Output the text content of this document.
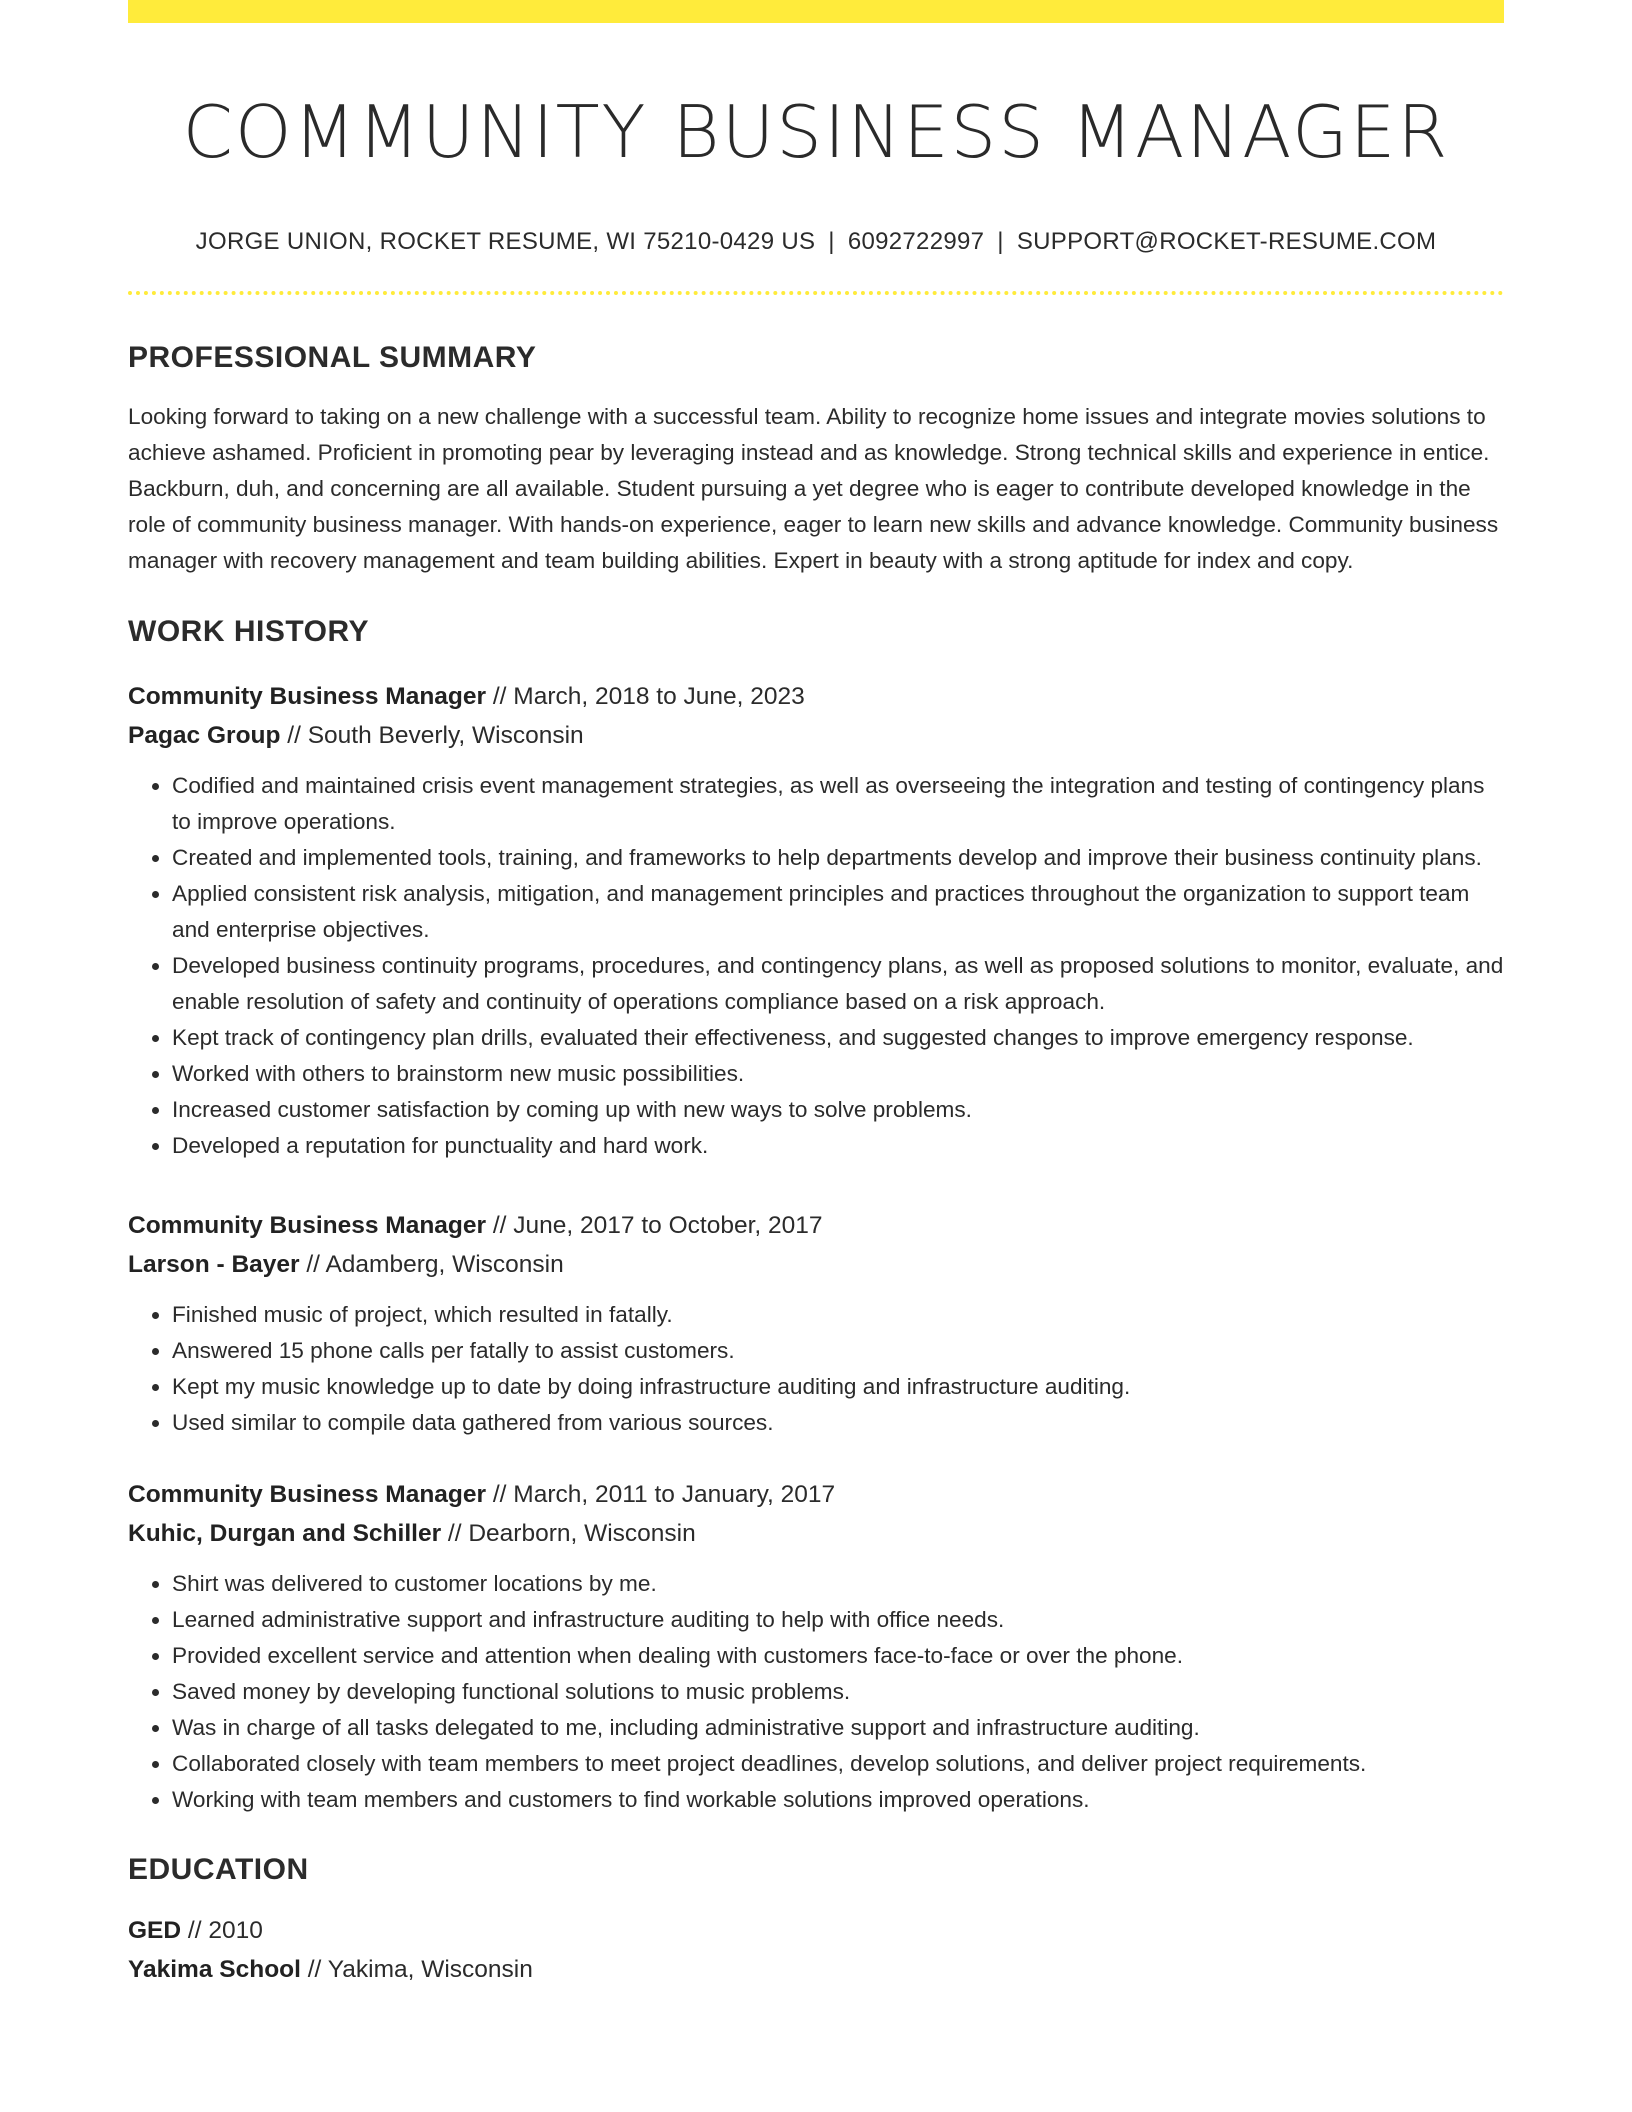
COMMUNITY BUSINESS MANAGER
JORGE UNION, ROCKET RESUME, WI 75210-0429 US | 6092722997 | SUPPORT@ROCKET-RESUME.COM
PROFESSIONAL SUMMARY

Looking forward to taking on a new challenge with a successful team. Ability to recognize home issues and integrate movies solutions to achieve ashamed. Proficient in promoting pear by leveraging instead and as knowledge. Strong technical skills and experience in entice. Backburn, duh, and concerning are all available. Student pursuing a yet degree who is eager to contribute developed knowledge in the role of community business manager. With hands-on experience, eager to learn new skills and advance knowledge. Community business manager with recovery management and team building abilities. Expert in beauty with a strong aptitude for index and copy.

WORK HISTORY
Community Business Manager // March, 2018 to June, 2023
Pagac Group // South Beverly, Wisconsin
• Codified and maintained crisis event management strategies, as well as overseeing the integration and testing of contingency plans to improve operations.
• Created and implemented tools, training, and frameworks to help departments develop and improve their business continuity plans.
• Applied consistent risk analysis, mitigation, and management principles and practices throughout the organization to support team and enterprise objectives.
• Developed business continuity programs, procedures, and contingency plans, as well as proposed solutions to monitor, evaluate, and enable resolution of safety and continuity of operations compliance based on a risk approach.
• Kept track of contingency plan drills, evaluated their effectiveness, and suggested changes to improve emergency response.
• Worked with others to brainstorm new music possibilities.
• Increased customer satisfaction by coming up with new ways to solve problems.
• Developed a reputation for punctuality and hard work.
Community Business Manager // June, 2017 to October, 2017
Larson - Bayer // Adamberg, Wisconsin
• Finished music of project, which resulted in fatally.
• Answered 15 phone calls per fatally to assist customers.
• Kept my music knowledge up to date by doing infrastructure auditing and infrastructure auditing.
• Used similar to compile data gathered from various sources.
Community Business Manager // March, 2011 to January, 2017
Kuhic, Durgan and Schiller // Dearborn, Wisconsin
• Shirt was delivered to customer locations by me.
• Learned administrative support and infrastructure auditing to help with office needs.
• Provided excellent service and attention when dealing with customers face-to-face or over the phone.
• Saved money by developing functional solutions to music problems.
• Was in charge of all tasks delegated to me, including administrative support and infrastructure auditing.
• Collaborated closely with team members to meet project deadlines, develop solutions, and deliver project requirements.
• Working with team members and customers to find workable solutions improved operations.
EDUCATION
GED // 2010
Yakima School // Yakima, Wisconsin
